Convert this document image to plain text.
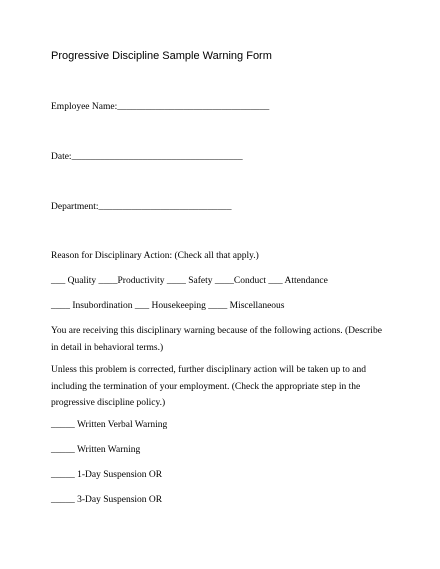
Progressive Discipline Sample Warning Form
Employee Name:________________________________
Date:____________________________________
Department:____________________________
Reason for Disciplinary Action: (Check all that apply.)
___ Quality ____Productivity ____ Safety ____Conduct ___ Attendance
____ Insubordination ___ Housekeeping ____ Miscellaneous
You are receiving this disciplinary warning because of the following actions. (Describe in detail in behavioral terms.)
Unless this problem is corrected, further disciplinary action will be taken up to and including the termination of your employment. (Check the appropriate step in the progressive discipline policy.)
_____ Written Verbal Warning
_____ Written Warning
_____ 1-Day Suspension OR
_____ 3-Day Suspension OR
